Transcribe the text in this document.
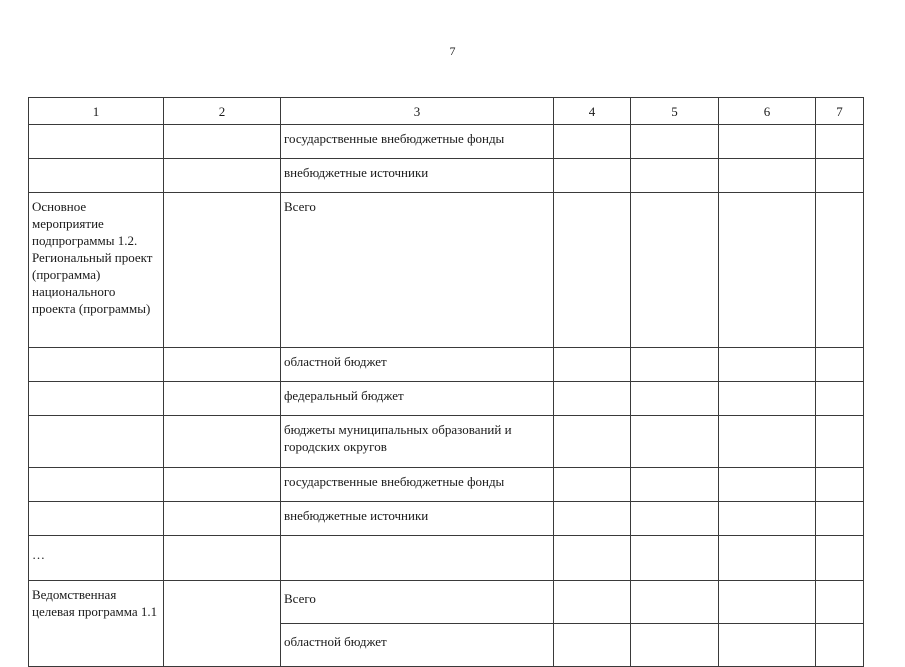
7
1	2	3	4	5	6	7
		государственные внебюджетные фонды				
		внебюджетные источники				
Основное мероприятие подпрограммы 1.2. Региональный проект (программа) национального проекта (программы)		Всего				
		областной бюджет				
		федеральный бюджет				
		бюджеты муниципальных образований и городских округов				
		государственные внебюджетные фонды				
		внебюджетные источники				
…						
Ведомственная целевая программа 1.1		Всего				
		областной бюджет				
